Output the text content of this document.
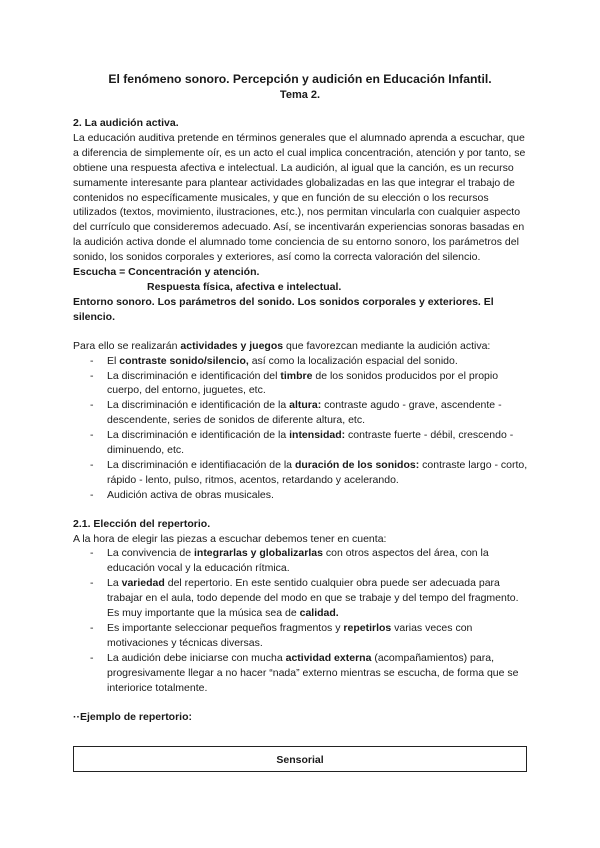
El fenómeno sonoro. Percepción y audición en Educación Infantil.
Tema 2.
2. La audición activa.

La educación auditiva pretende en términos generales que el alumnado aprenda a escuchar, que a diferencia de simplemente oír, es un acto el cual implica concentración, atención y por tanto, se obtiene una respuesta afectiva e intelectual. La audición, al igual que la canción, es un recurso sumamente interesante para plantear actividades globalizadas en las que integrar el trabajo de contenidos no específicamente musicales, y que en función de su elección o los recursos utilizados (textos, movimiento, ilustraciones, etc.), nos permitan vincularla con cualquier aspecto del currículo que consideremos adecuado. Así, se incentivarán experiencias sonoras basadas en la audición activa donde el alumnado tome conciencia de su entorno sonoro, los parámetros del sonido, los sonidos corporales y exteriores, así como la correcta valoración del silencio.

Escucha = Concentración y atención.

Respuesta física, afectiva e intelectual.

Entorno sonoro. Los parámetros del sonido. Los sonidos corporales y exteriores. El silencio.

Para ello se realizarán actividades y juegos que favorezcan mediante la audición activa:

- El contraste sonido/silencio, así como la localización espacial del sonido.
- La discriminación e identificación del timbre de los sonidos producidos por el propio cuerpo, del entorno, juguetes, etc.
- La discriminación e identificación de la altura: contraste agudo - grave, ascendente - descendente, series de sonidos de diferente altura, etc.
- La discriminación e identificación de la intensidad: contraste fuerte - débil, crescendo - diminuendo, etc.
- La discriminación e identifiacación de la duración de los sonidos: contraste largo - corto, rápido - lento, pulso, ritmos, acentos, retardando y acelerando.
- Audición activa de obras musicales.
2.1. Elección del repertorio.

A la hora de elegir las piezas a escuchar debemos tener en cuenta:

- La convivencia de integrarlas y globalizarlas con otros aspectos del área, con la educación vocal y la educación rítmica.
- La variedad del repertorio. En este sentido cualquier obra puede ser adecuada para trabajar en el aula, todo depende del modo en que se trabaje y del tempo del fragmento. Es muy importante que la música sea de calidad.
- Es importante seleccionar pequeños fragmentos y repetirlos varias veces con motivaciones y técnicas diversas.
- La audición debe iniciarse con mucha actividad externa (acompañamientos) para, progresivamente llegar a no hacer “nada” externo mientras se escucha, de forma que se interiorice totalmente.

··Ejemplo de repertorio:

Sensorial
